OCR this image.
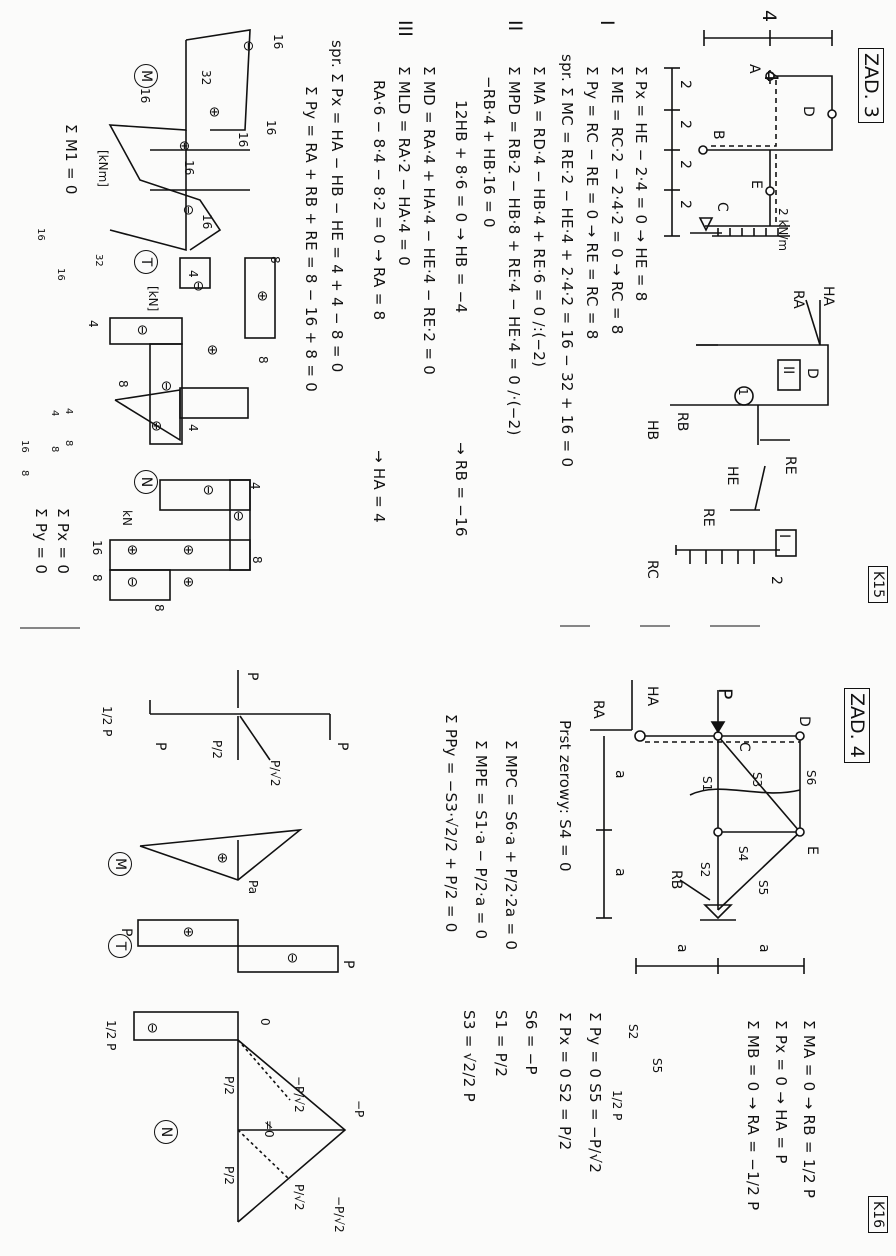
ZAD. 3
K15
4
4
2
2
2
2
A
B
C
D
E
2 kN/m
I
Σ Px = HE − 2·4 = 0 → HE = 8
Σ ME = RC·2 − 2·4·2 = 0 → RC = 8
Σ Py = RC − RE = 0 → RE = RC = 8
spr. Σ MC = RE·2 − HE·4 + 2·4·2 = 16 − 32 + 16 = 0
II
Σ MA = RD·4 − HB·4 + RE·6 = 0 /:(−2)
Σ MPD = RB·2 − HB·8 + RE·4 − HE·4 = 0 /·(−2)
−RB·4 + HB·16 = 0
12HB + 8·6 = 0 → HB = −4
→ RB = −16
III
Σ MD = RA·4 + HA·4 − HE·4 − RE·2 = 0
Σ MLD = RA·2 − HA·4 = 0
RA·6 − 8·4 − 8·2 = 0 → RA = 8
→ HA = 4
spr. Σ Px = HA − HB − HE = 4 + 4 − 8 = 0
Σ Py = RA + RB + RE = 8 − 16 + 8 = 0	HA
RA
D
II
1
RB
HB
RE
HE
RE
RC
I
2
M
[kNm]
16
16
32
16
16
16
16
⊖
⊕
⊕
⊖
Σ M1 = 0
16
16
32 T
[kN]
8
4
4
8
8
4
⊕
⊖
⊖
⊖
⊕
⊕
N
kN
4
8
16
8
8
⊖
⊖
⊕
⊖
⊕
⊕
Σ Px = 0
Σ Py = 0
4
8
8
16
8
4
ZAD. 4
K16
P
C
D
E
S1
S2
S3
S4
S5
S6
HA
RA
RB
a
a
a	a
Prst zerowy: S4 = 0
Σ MPC = S6·a + P/2·2a = 0
Σ MPE = S1·a − P/2·a = 0
Σ PPy = −S3·√2/2 + P/2 = 0
Σ MA = 0 → RB = 1/2 P
Σ Px = 0 → HA = P
Σ MB = 0 → RA = −1/2 P
S5
S2
1/2 P
Σ Py = 0 S5 = −P/√2
Σ Px = 0 S2 = P/2
S6 = −P
S1 = P/2
S3 = √2/2 P
P
P/2
P/√2
P	P
1/2 P
M
Pa
⊕
T
P
P
⊕
⊖
N
1/2 P	0
−P
P/2	−P/√2
P/2
P/√2
≠0
−P/√2
⊖
